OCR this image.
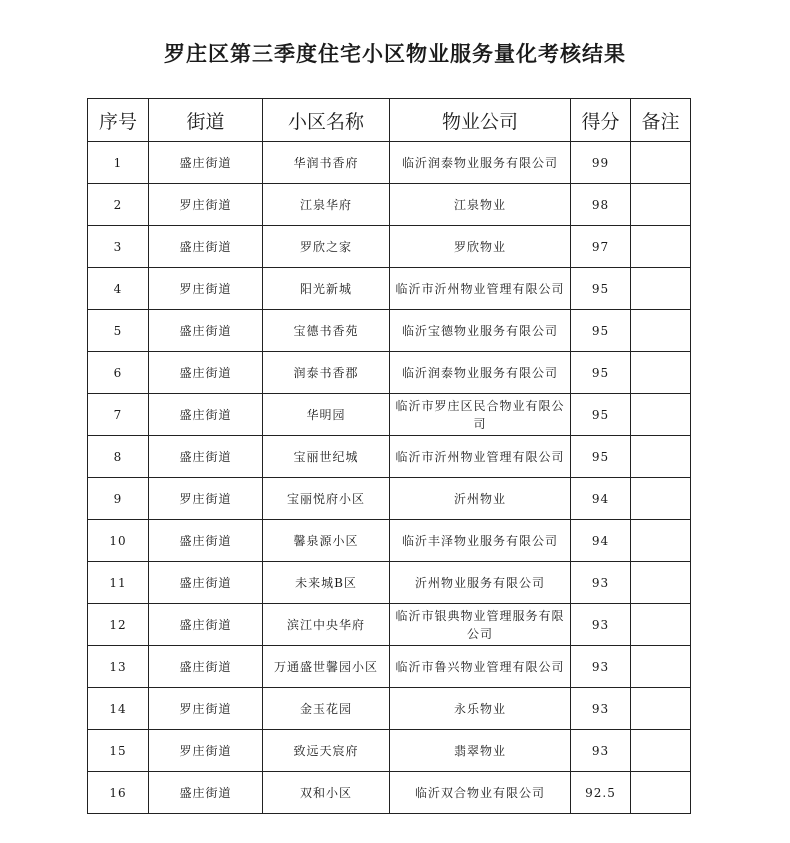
罗庄区第三季度住宅小区物业服务量化考核结果
序号	街道	小区名称	物业公司	得分	备注
1	盛庄街道	华润书香府	临沂润泰物业服务有限公司	99	
2	罗庄街道	江泉华府	江泉物业	98	
3	盛庄街道	罗欣之家	罗欣物业	97	
4	罗庄街道	阳光新城	临沂市沂州物业管理有限公司	95	
5	盛庄街道	宝德书香苑	临沂宝德物业服务有限公司	95	
6	盛庄街道	润泰书香郡	临沂润泰物业服务有限公司	95	
7	盛庄街道	华明园	临沂市罗庄区民合物业有限公司	95	
8	盛庄街道	宝丽世纪城	临沂市沂州物业管理有限公司	95	
9	罗庄街道	宝丽悦府小区	沂州物业	94	
10	盛庄街道	馨泉源小区	临沂丰泽物业服务有限公司	94	
11	盛庄街道	未来城B区	沂州物业服务有限公司	93	
12	盛庄街道	滨江中央华府	临沂市银典物业管理服务有限公司	93	
13	盛庄街道	万通盛世馨园小区	临沂市鲁兴物业管理有限公司	93	
14	罗庄街道	金玉花园	永乐物业	93	
15	罗庄街道	致远天宸府	翡翠物业	93	
16	盛庄街道	双和小区	临沂双合物业有限公司	92.5	
